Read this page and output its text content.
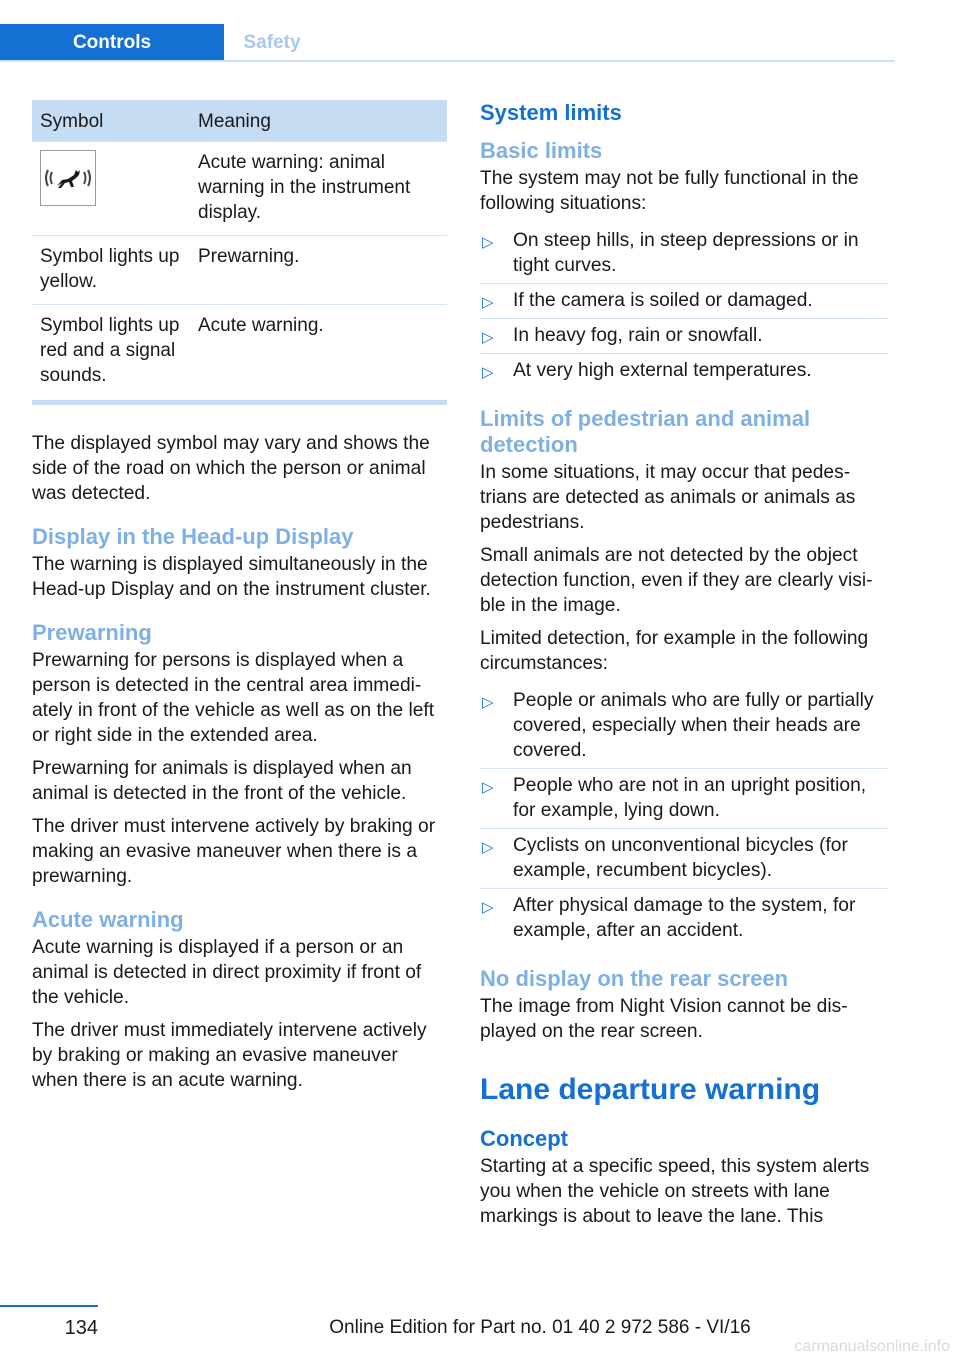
Controls	Safety
Symbol	Meaning

	Acute warning: animal warning in the instrument display.
Symbol lights up yellow.	Prewarning.
Symbol lights up red and a signal sounds.	Acute warning.

The displayed symbol may vary and shows the side of the road on which the person or animal was detected.

Display in the Head-up Display

The warning is displayed simultaneously in the Head-up Display and on the instrument cluster.

Prewarning

Prewarning for persons is displayed when a person is detected in the central area immediately in front of the vehicle as well as on the left or right side in the extended area.

Prewarning for animals is displayed when an animal is detected in the front of the vehicle.

The driver must intervene actively by braking or making an evasive maneuver when there is a prewarning.

Acute warning

Acute warning is displayed if a person or an animal is detected in direct proximity if front of the vehicle.

The driver must immediately intervene actively by braking or making an evasive maneuver when there is an acute warning.

System limits
Basic limits

The system may not be fully functional in the following situations:

▷ On steep hills, in steep depressions or in tight curves.
▷ If the camera is soiled or damaged.
▷ In heavy fog, rain or snowfall.
▷ At very high external temperatures.
Limits of pedestrian and animal detection

In some situations, it may occur that pedestrians are detected as animals or animals as pedestrians.

Small animals are not detected by the object detection function, even if they are clearly visible in the image.

Limited detection, for example in the following circumstances:

▷ People or animals who are fully or partially covered, especially when their heads are covered.
▷ People who are not in an upright position, for example, lying down.
▷ Cyclists on unconventional bicycles (for example, recumbent bicycles).
▷ After physical damage to the system, for example, after an accident.
No display on the rear screen

The image from Night Vision cannot be displayed on the rear screen.

Lane departure warning
Concept

Starting at a specific speed, this system alerts you when the vehicle on streets with lane markings is about to leave the lane. This

134	Online Edition for Part no. 01 40 2 972 586 - VI/16
carmanualsonline.info
